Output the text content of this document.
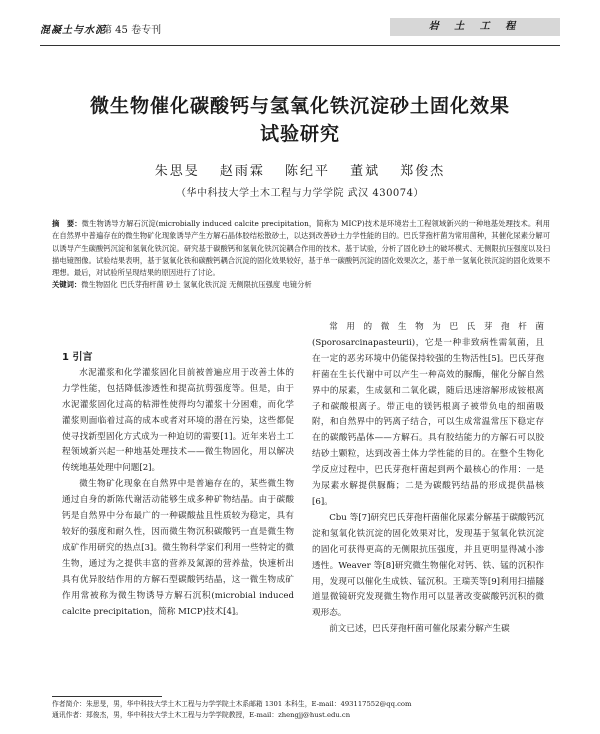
混凝土与水泥
第 45 卷专刊	岩 土 工 程
微生物催化碳酸钙与氢氧化铁沉淀砂土固化效果
试验研究
朱思旻 赵雨霖 陈纪平 董斌 郑俊杰
（华中科技大学土木工程与力学学院 武汉 430074）
摘　要：微生物诱导方解石沉淀(microbially induced calcite precipitation，简称为 MICP)技术是环境岩土工程领域新兴的一种地基处理技术。利用在自然界中普遍存在的微生物矿化现象诱导产生方解石晶体胶结松散砂土，以达到改善砂土力学性能的目的。巴氏芽孢杆菌为常用菌种，其催化尿素分解可以诱导产生碳酸钙沉淀和氢氧化铁沉淀。研究基于碳酸钙和氢氧化铁沉淀耦合作用的技术。基于试验，分析了固化砂土的破坏模式、无侧限抗压强度以及扫描电镜图像。试验结果表明，基于氢氧化铁和碳酸钙耦合沉淀的固化效果较好，基于单一碳酸钙沉淀的固化效果次之，基于单一氢氧化铁沉淀的固化效果不理想。最后，对试验所呈现结果的原因进行了讨论。
关键词：微生物固化 巴氏芽孢杆菌 砂土 氢氧化铁沉淀 无侧限抗压强度 电镜分析

1 引言

水泥灌浆和化学灌浆固化目前被普遍应用于改善土体的力学性能，包括降低渗透性和提高抗剪强度等。但是，由于水泥灌浆固化过高的粘滞性使得均匀灌浆十分困难，而化学灌浆则面临着过高的成本或者对环境的潜在污染，这些都促使寻找新型固化方式成为一种迫切的需要[1]。近年来岩土工程领域新兴起一种地基处理技术——微生物固化，用以解决传统地基处理中问题[2]。

微生物矿化现象在自然界中是普遍存在的，某些微生物通过自身的新陈代谢活动能够生成多种矿物结晶。由于碳酸钙是自然界中分布最广的一种碳酸盐且性质较为稳定，具有较好的强度和耐久性，因而微生物沉积碳酸钙一直是微生物成矿作用研究的热点[3]。微生物科学家们利用一些特定的微生物，通过为之提供丰富的营养及氮源的营养盐，快速析出具有优异胶结作用的方解石型碳酸钙结晶，这一微生物成矿作用常被称为微生物诱导方解石沉积(microbial induced calcite precipitation，简称 MICP)技术[4]。

常用的微生物为巴氏芽孢杆菌 (Sporosarcinapasteurii)，它是一种非致病性需氧菌，且在一定的恶劣环境中仍能保持较强的生物活性[5]。巴氏芽孢杆菌在生长代谢中可以产生一种高效的脲酶，催化分解自然界中的尿素，生成氨和二氧化碳，随后迅速溶解形成铵根离子和碳酸根离子。带正电的镁钙根离子被带负电的细菌吸附，和自然界中的钙离子结合，可以生成常温常压下稳定存在的碳酸钙晶体——方解石。具有胶结能力的方解石可以胶结砂土颗粒，达到改善土体力学性能的目的。在整个生物化学反应过程中，巴氏芽孢杆菌起到两个最核心的作用：一是为尿素水解提供脲酶；二是为碳酸钙结晶的形成提供晶核[6]。

Cbu 等[7]研究巴氏芽孢杆菌催化尿素分解基于碳酸钙沉淀和氢氧化铁沉淀的固化效果对比，发现基于氢氧化铁沉淀的固化可获得更高的无侧限抗压强度，并且更明显得减小渗透性。Weaver 等[8]研究微生物催化对钙、铁、锰的沉积作用，发现可以催化生成铁、锰沉积。王瑞芙等[9]利用扫描隧道显微镜研究发现微生物作用可以显著改变碳酸钙沉积的微观形态。

前文已述，巴氏芽孢杆菌可催化尿素分解产生碳

作者简介：朱思旻，男，华中科技大学土木工程与力学学院土木系邮箱 1301 本科生，E-mail：493117552@qq.com
通讯作者：郑俊杰，男，华中科技大学土木工程与力学学院教授，E-mail：zhengjj@hust.edu.cn
